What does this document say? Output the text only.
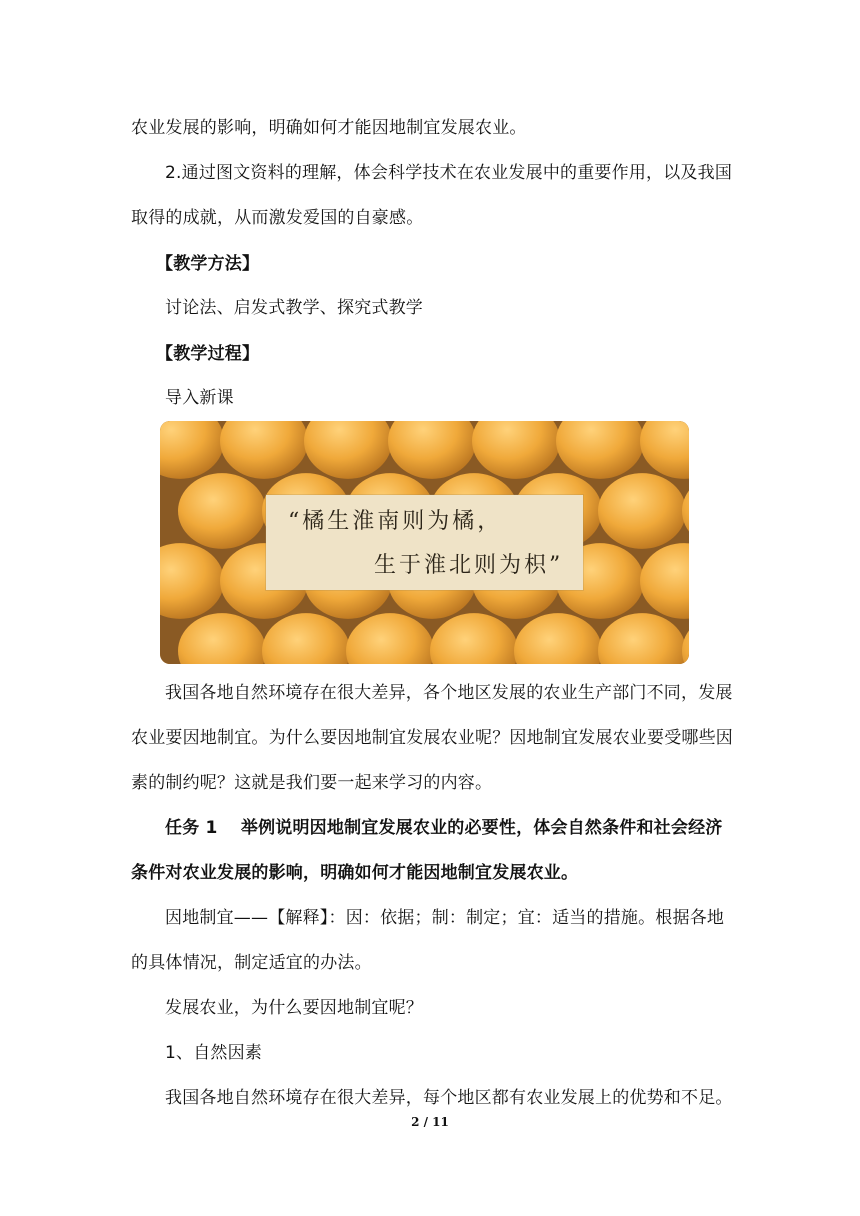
农业发展的影响，明确如何才能因地制宜发展农业。
2.通过图文资料的理解，体会科学技术在农业发展中的重要作用，以及我国
取得的成就，从而激发爱国的自豪感。
【教学方法】
讨论法、启发式教学、探究式教学
【教学过程】
导入新课
“橘生淮南则为橘，
生于淮北则为枳”
我国各地自然环境存在很大差异，各个地区发展的农业生产部门不同，发展
农业要因地制宜。为什么要因地制宜发展农业呢？因地制宜发展农业要受哪些因
素的制约呢？这就是我们要一起来学习的内容。
任务 1　 举例说明因地制宜发展农业的必要性，体会自然条件和社会经济
条件对农业发展的影响，明确如何才能因地制宜发展农业。
因地制宜——【解释】：因：依据；制：制定；宜：适当的措施。根据各地
的具体情况，制定适宜的办法。
发展农业，为什么要因地制宜呢？
1、自然因素
我国各地自然环境存在很大差异，每个地区都有农业发展上的优势和不足。
2 / 11
